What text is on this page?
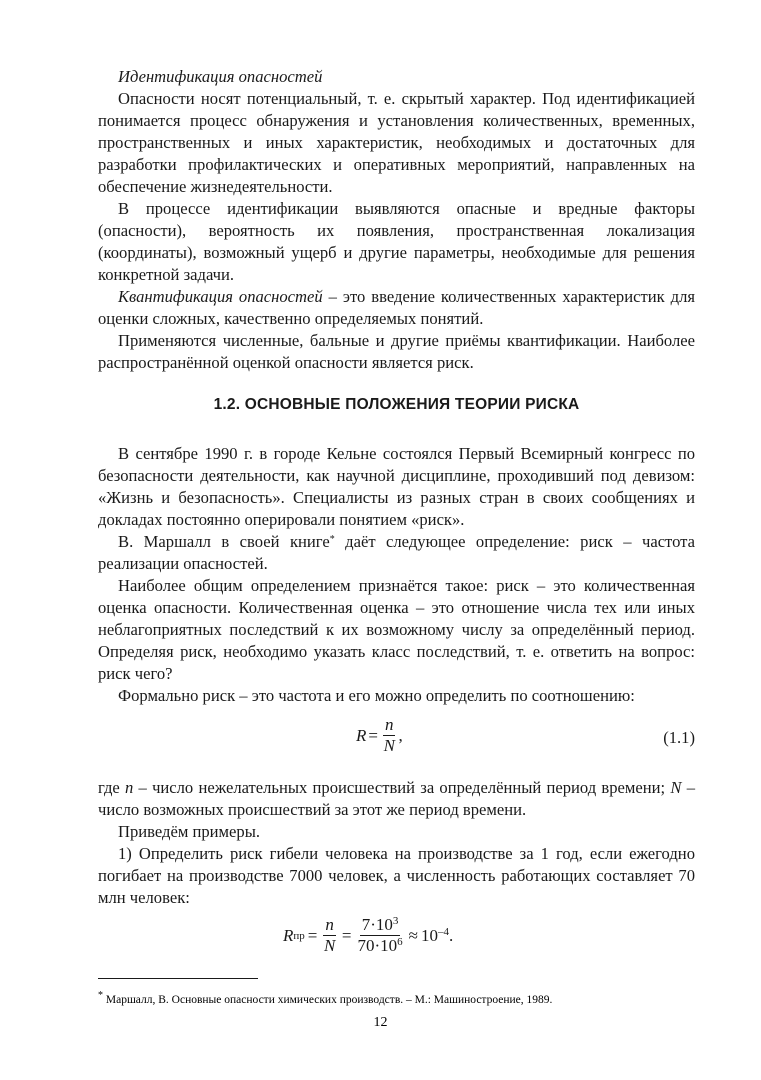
Идентификация опасностей

Опасности носят потенциальный, т. е. скрытый характер. Под идентификацией понимается процесс обнаружения и установления количественных, временных, пространственных и иных характеристик, необходимых и достаточных для разработки профилактических и оперативных мероприятий, направленных на обеспечение жизнедеятельности.

В процессе идентификации выявляются опасные и вредные факторы (опасности), вероятность их появления, пространственная локализация (координаты), возможный ущерб и другие параметры, необходимые для решения конкретной задачи.

Квантификация опасностей – это введение количественных характеристик для оценки сложных, качественно определяемых понятий.

Применяются численные, бальные и другие приёмы квантификации. Наиболее распространённой оценкой опасности является риск.

1.2. ОСНОВНЫЕ ПОЛОЖЕНИЯ ТЕОРИИ РИСКА

В сентябре 1990 г. в городе Кельне состоялся Первый Всемирный конгресс по безопасности деятельности, как научной дисциплине, проходивший под девизом: «Жизнь и безопасность». Специалисты из разных стран в своих сообщениях и докладах постоянно оперировали понятием «риск».

В. Маршалл в своей книге* даёт следующее определение: риск – частота реализации опасностей.

Наиболее общим определением признаётся такое: риск – это количественная оценка опасности. Количественная оценка – это отношение числа тех или иных неблагоприятных последствий к их возможному числу за определённый период. Определяя риск, необходимо указать класс последствий, т. е. ответить на вопрос: риск чего?

Формально риск – это частота и его можно определить по соотношению:

$R = \frac{n}{N}$ ,	(1.1)

где n – число нежелательных происшествий за определённый период времени; N – число возможных происшествий за этот же период времени.

Приведём примеры.

1) Определить риск гибели человека на производстве за 1 год, если ежегодно погибает на производстве 7000 человек, а численность работающих составляет 70 млн человек:

R пр = $\frac{n}{N} = \frac{7\cdot 10^3}{70\cdot 10^6} \approx 10^{-4}$ .
* Маршалл, В. Основные опасности химических производств. – М.: Машиностроение, 1989.
12
